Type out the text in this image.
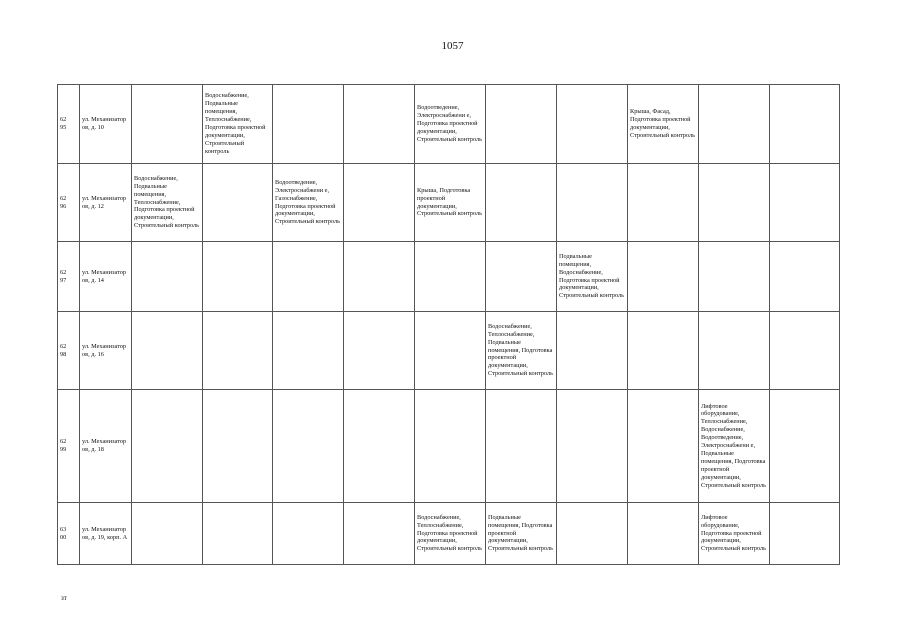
1057
62
95	ул. Механизатор ов, д. 10		Водоснабжение, Подвальные помещения, Теплоснабжение, Подготовка проектной документации, Строительный контроль			Водоотведение, Электроснабжени е, Подготовка проектной документации, Строительный контроль			Крыша, Фасад, Подготовка проектной документации, Строительный контроль		

62
96	ул. Механизатор ов, д. 12	Водоснабжение, Подвальные помещения, Теплоснабжение, Подготовка проектной документации, Строительный контроль		Водоотведение, Электроснабжени е, Газоснабжение, Подготовка проектной документации, Строительный контроль		Крыша, Подготовка проектной документации, Строительный контроль					

62
97	ул. Механизатор ов, д. 14							Подвальные помещения, Водоснабжение, Подготовка проектной документации, Строительный контроль			

62
98	ул. Механизатор ов, д. 16						Водоснабжение, Теплоснабжение, Подвальные помещения, Подготовка проектной документации, Строительный контроль				

62
99	ул. Механизатор ов, д. 18									Лифтовое оборудование, Теплоснабжение, Водоснабжение, Водоотведение, Электроснабжени е, Подвальные помещения, Подготовка проектной документации, Строительный контроль	

63
00	ул. Механизатор ов, д. 19, корп. А					Водоснабжение, Теплоснабжение, Подготовка проектной документации, Строительный контроль	Подвальные помещения, Подготовка проектной документации, Строительный контроль			Лифтовое оборудование, Подготовка проектной документации, Строительный контроль	
зт
